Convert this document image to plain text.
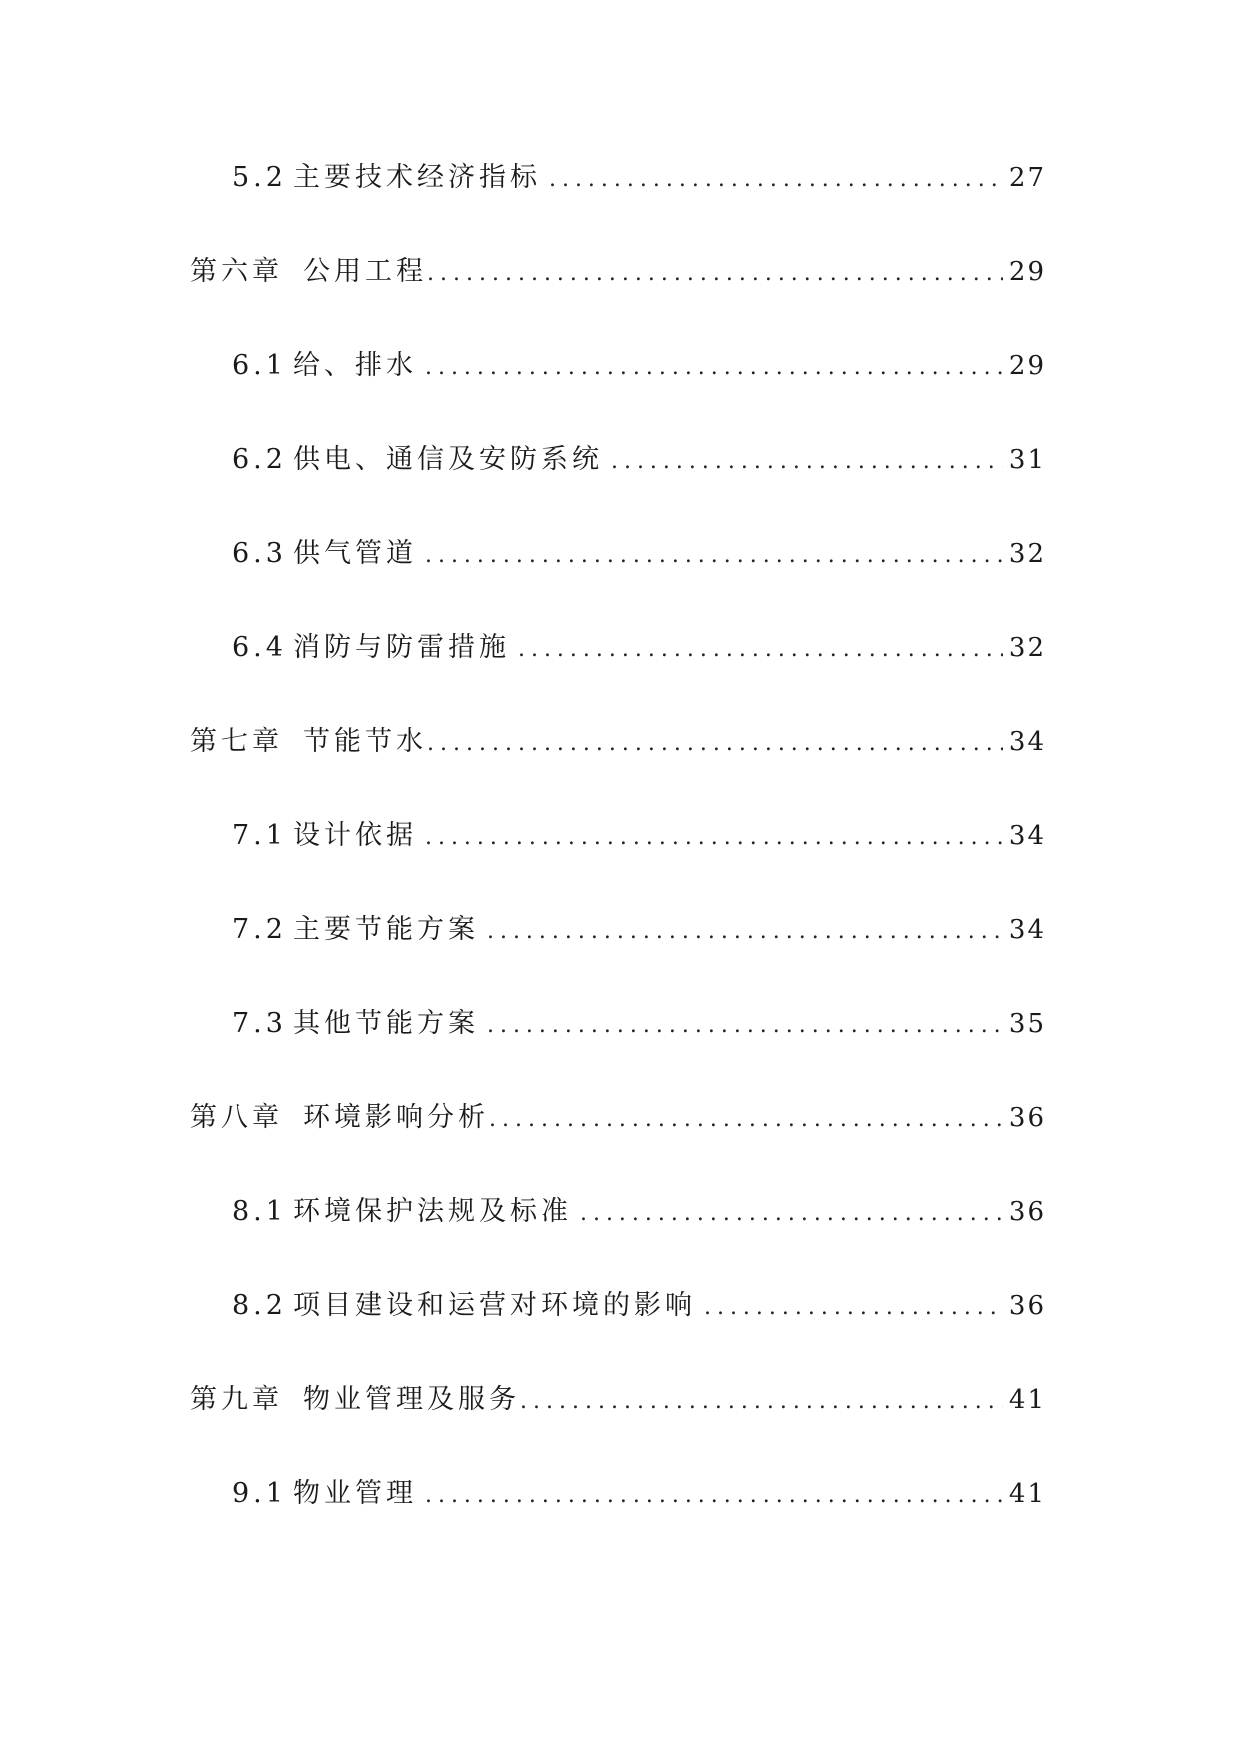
5.2 主要技术经济指标 .....	27
第六章 公用工程 .....	29
6.1 给、排水 .....	29
6.2 供电、通信及安防系统 .....	31
6.3 供气管道 .....	32
6.4 消防与防雷措施 .....	32
第七章 节能节水 .....	34
7.1 设计依据 .....	34
7.2 主要节能方案 .....	34
7.3 其他节能方案 .....	35
第八章 环境影响分析 .....	36
8.1 环境保护法规及标准 .....	36
8.2 项目建设和运营对环境的影响 .....	36
第九章 物业管理及服务 .....	41
9.1 物业管理 .....	41
